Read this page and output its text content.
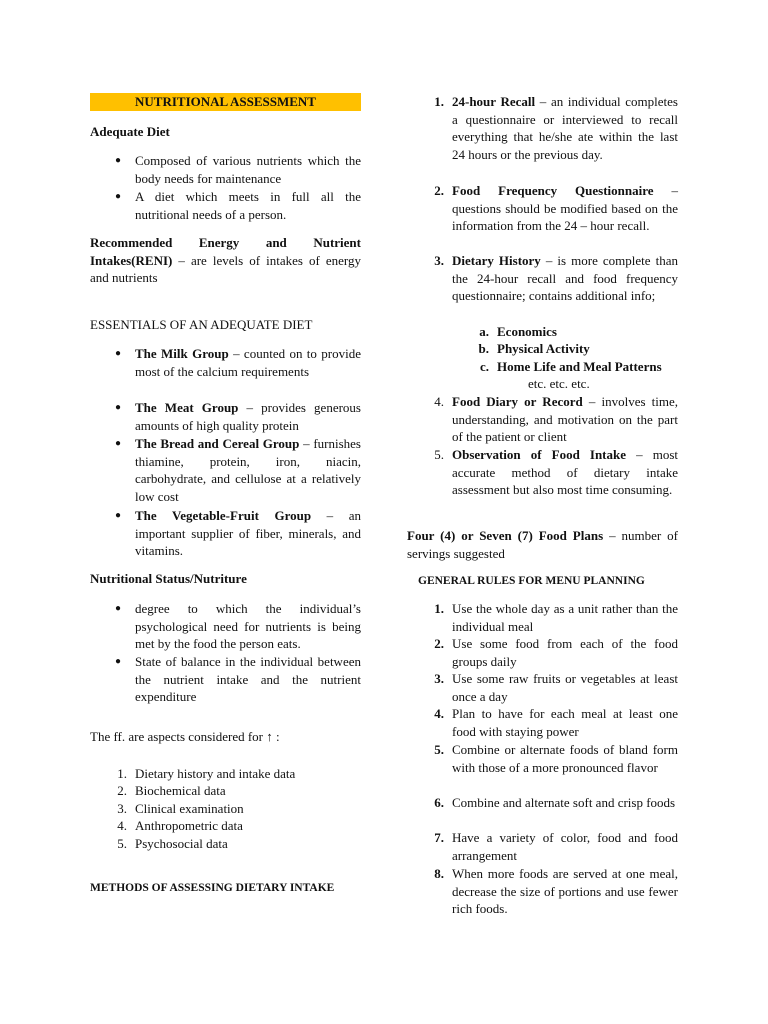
NUTRITIONAL ASSESSMENT
Adequate Diet
● Composed of various nutrients which the body needs for maintenance
● A diet which meets in full all the nutritional needs of a person.
Recommended Energy and Nutrient Intakes(RENI) – are levels of intakes of energy and nutrients
ESSENTIALS OF AN ADEQUATE DIET
● The Milk Group – counted on to provide most of the calcium requirements
● The Meat Group – provides generous amounts of high quality protein
● The Bread and Cereal Group – furnishes thiamine, protein, iron, niacin, carbohydrate, and cellulose at a relatively low cost
● The Vegetable-Fruit Group – an important supplier of fiber, minerals, and vitamins.
Nutritional Status/Nutriture
● degree to which the individual’s psychological need for nutrients is being met by the food the person eats.
● State of balance in the individual between the nutrient intake and the nutrient expenditure
The ff. are aspects considered for ↑ :
1. Dietary history and intake data
2. Biochemical data
3. Clinical examination
4. Anthropometric data
5. Psychosocial data
METHODS OF ASSESSING DIETARY INTAKE
1. 24-hour Recall – an individual completes a questionnaire or interviewed to recall everything that he/she ate within the last 24 hours or the previous day.
2. Food Frequency Questionnaire – questions should be modified based on the information from the 24 – hour recall.
3. Dietary History – is more complete than the 24-hour recall and food frequency questionnaire; contains additional info;
a. Economics
b. Physical Activity
c. Home Life and Meal Patterns
etc. etc. etc.
4. Food Diary or Record – involves time, understanding, and motivation on the part of the patient or client
5. Observation of Food Intake – most accurate method of dietary intake assessment but also most time consuming.
Four (4) or Seven (7) Food Plans – number of servings suggested
GENERAL RULES FOR MENU PLANNING
1. Use the whole day as a unit rather than the individual meal
2. Use some food from each of the food groups daily
3. Use some raw fruits or vegetables at least once a day
4. Plan to have for each meal at least one food with staying power
5. Combine or alternate foods of bland form with those of a more pronounced flavor
6. Combine and alternate soft and crisp foods
7. Have a variety of color, food and food arrangement
8. When more foods are served at one meal, decrease the size of portions and use fewer rich foods.
